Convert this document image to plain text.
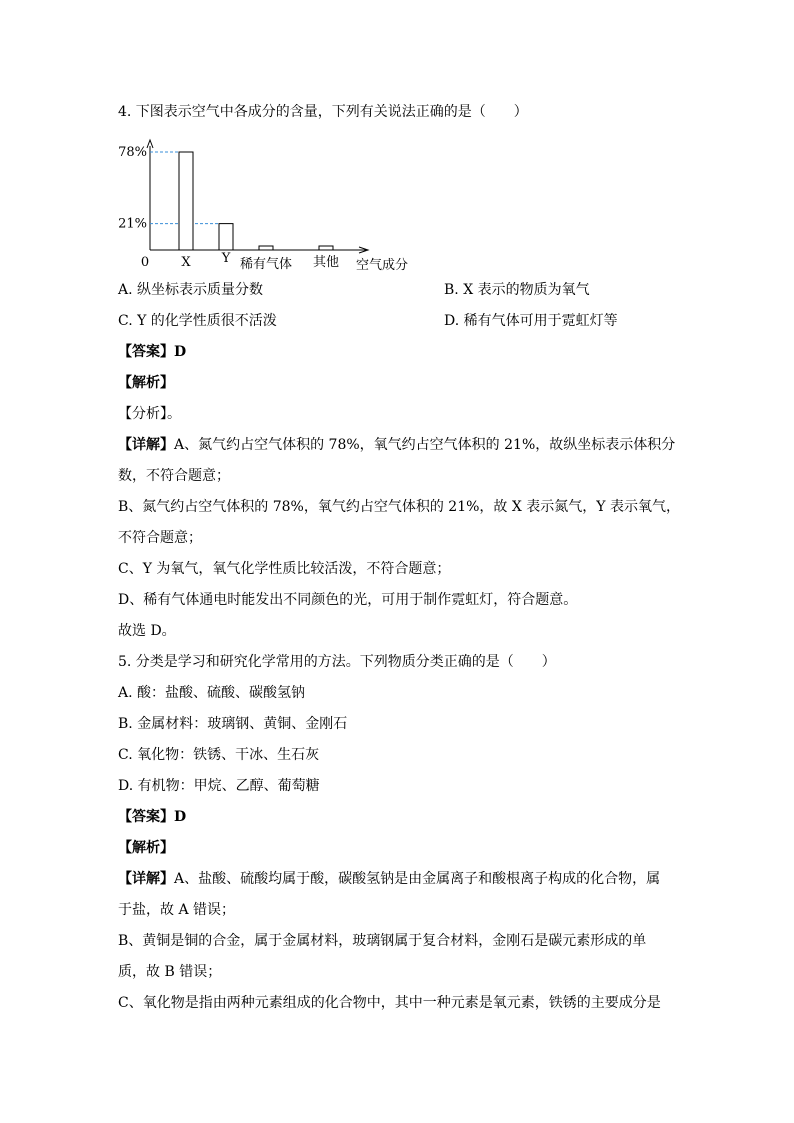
4. 下图表示空气中各成分的含量，下列有关说法正确的是（　　）
78%
21%
0 X Y 稀有气体 其他 空气成分
A. 纵坐标表示质量分数	B. X 表示的物质为氧气
C. Y 的化学性质很不活泼	D. 稀有气体可用于霓虹灯等
【答案】D
【解析】
【分析】。
【详解】A、氮气约占空气体积的 78%，氧气约占空气体积的 21%，故纵坐标表示体积分
数，不符合题意；
B、氮气约占空气体积的 78%，氧气约占空气体积的 21%，故 X 表示氮气，Y 表示氧气，
不符合题意；
C、Y 为氧气，氧气化学性质比较活泼，不符合题意；
D、稀有气体通电时能发出不同颜色的光，可用于制作霓虹灯，符合题意。
故选 D。
5. 分类是学习和研究化学常用的方法。下列物质分类正确的是（　　）
A. 酸：盐酸、硫酸、碳酸氢钠
B. 金属材料：玻璃钢、黄铜、金刚石
C. 氧化物：铁锈、干冰、生石灰
D. 有机物：甲烷、乙醇、葡萄糖
【答案】D
【解析】
【详解】A、盐酸、硫酸均属于酸，碳酸氢钠是由金属离子和酸根离子构成的化合物，属
于盐，故 A 错误；
B、黄铜是铜的合金，属于金属材料，玻璃钢属于复合材料，金刚石是碳元素形成的单
质，故 B 错误；
C、氧化物是指由两种元素组成的化合物中，其中一种元素是氧元素，铁锈的主要成分是
